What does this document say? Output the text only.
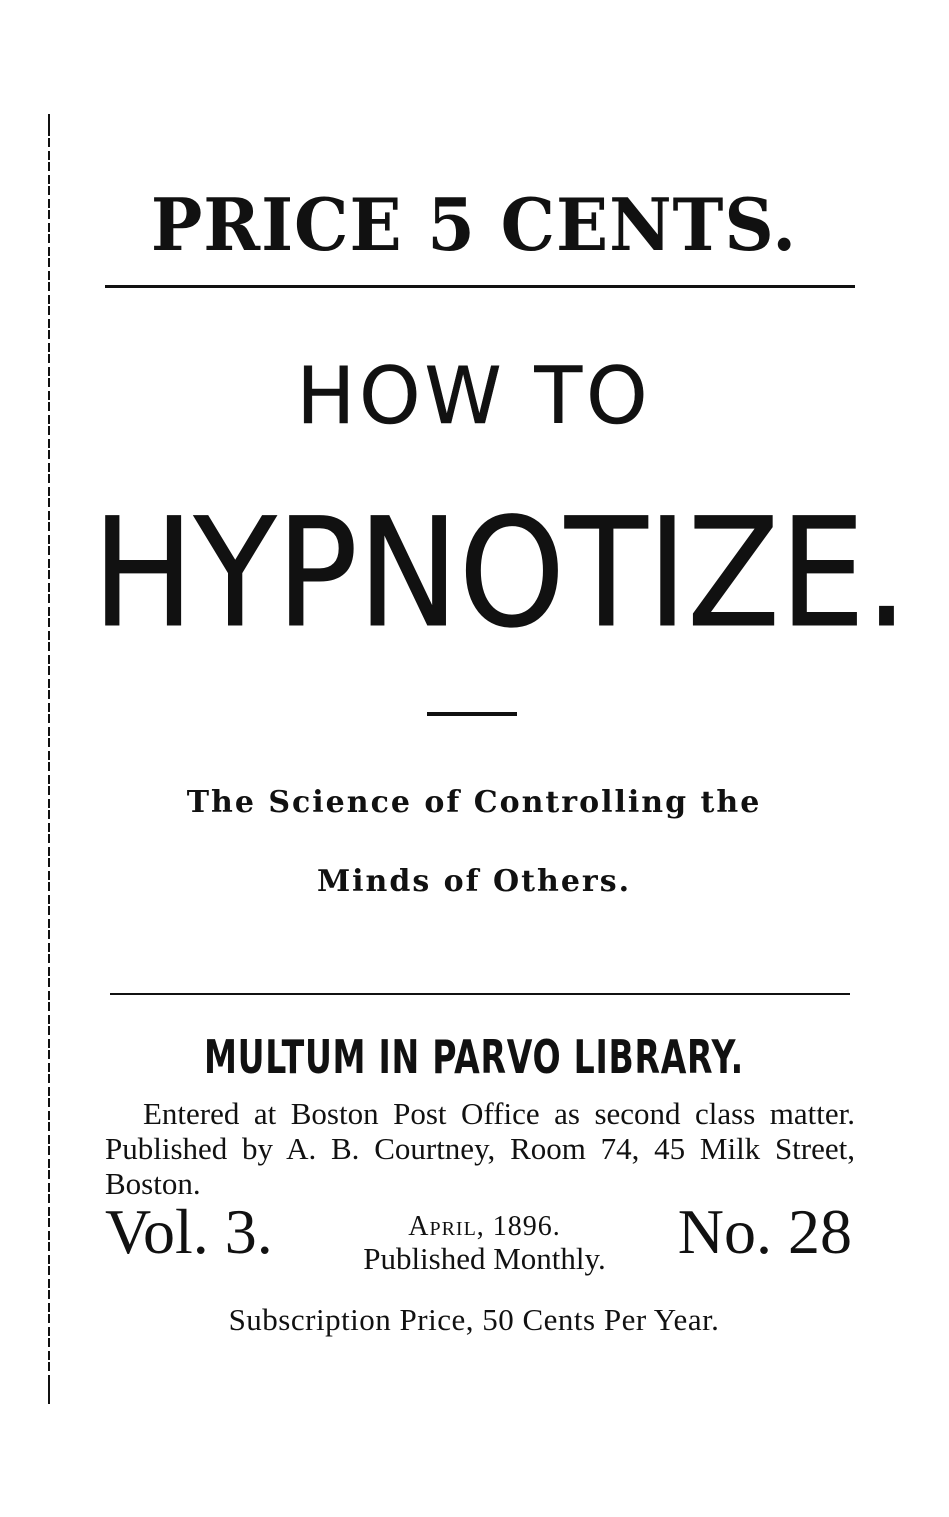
PRICE 5 CENTS.
HOW TO
HYPNOTIZE.
The Science of Controlling the
Minds of Others.
MULTUM IN PARVO LIBRARY.
Entered at Boston Post Office as second class matter. Published by A. B. Courtney, Room 74, 45 Milk Street, Boston.
Vol. 3.	April, 1896.
Published Monthly.	No. 28
Subscription Price, 50 Cents Per Year.
